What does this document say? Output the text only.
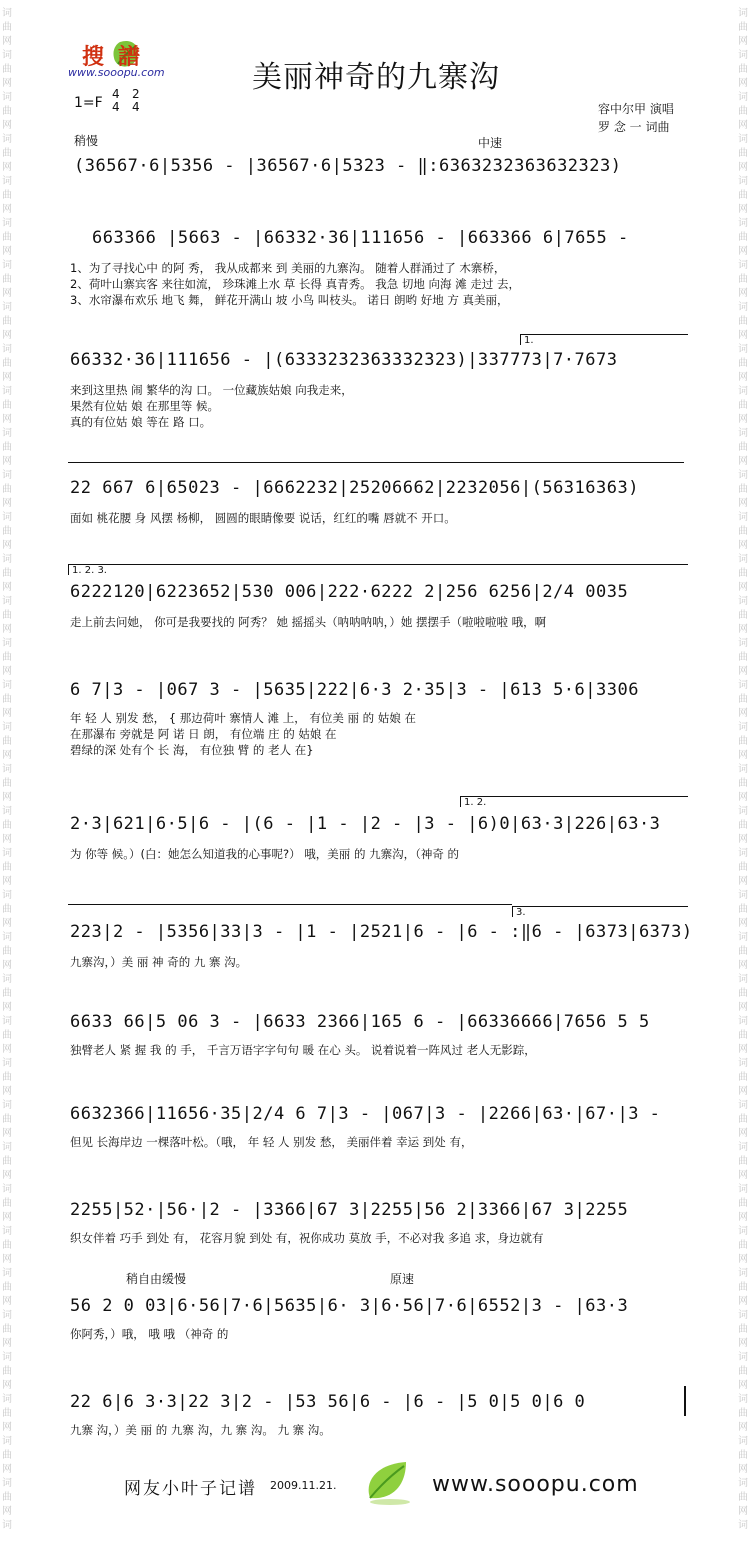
词
曲
网
词
曲
网
词
曲
网
词
曲
网
词
曲
网
词
曲
网
词
曲
网
词
曲
网
词
曲
网
词
曲
网
词
曲
网
词
曲
网
词
曲
网
词
曲
网
词
曲
网
词
曲
网
词
曲
网
词
曲
网
词
曲
网
词
曲
网
词
曲
网
词
曲
网
词
曲
网
词
曲
网
词
曲
网
词
曲
网
词
曲
网
词
曲
网
词
曲
网
词
曲
网
词
曲
网
词
曲
网
词
曲
网
词
曲
网
词
曲
网
词
曲
网
词
词
曲
网
词
曲
网
词
曲
网
词
曲
网
词
曲
网
词
曲
网
词
曲
网
词
曲
网
词
曲
网
词
曲
网
词
曲
网
词
曲
网
词
曲
网
词
曲
网
词
曲
网
词
曲
网
词
曲
网
词
曲
网
词
曲
网
词
曲
网
词
曲
网
词
曲
网
词
曲
网
词
曲
网
词
曲
网
词
曲
网
词
曲
网
词
曲
网
词
曲
网
词
曲
网
词
曲
网
词
曲
网
词
曲
网
词
曲
网
词
曲
网
词
曲
网
词
搜譜
www.sooopu.com	美丽神奇的九寨沟
1=F
4
4
2
4	容中尔甲 演唱
罗 念 一 词曲
稍慢	中速
稍自由缓慢	原速
(36567·6|5356 - |36567·6|5323 - ‖:6363232363632323)
663366 |5663 - |66332·36|111656 - |663366 6|7655 -
1、为了寻找心中 的阿 秀， 我从成都来 到 美丽的九寨沟。 随着人群涌过了 木寨桥，
2、荷叶山寨宾客 来往如流， 珍珠滩上水 草 长得 真青秀。 我急 切地 向海 滩 走过 去，
3、水帘瀑布欢乐 地飞 舞， 鲜花开满山 坡 小鸟 叫枝头。 诺日 朗哟 好地 方 真美丽，
66332·36|111656 - |(6333232363332323)|337773|7·7673
来到这里热 闹 繁华的沟 口。 一位藏族姑娘 向我走来，
果然有位姑 娘 在那里等 候。
真的有位姑 娘 等在 路 口。
22 667 6|65023 - |6662232|25206662|2232056|(56316363)
面如 桃花腰 身 风摆 杨柳， 圆圆的眼睛像要 说话，红红的嘴 唇就不 开口。
6222120|6223652|530 006|222·6222 2|256 6256|2/4 0035
走上前去问她， 你可是我要找的 阿秀？ 她 摇摇头（呐呐呐呐，）她 摆摆手（啦啦啦啦 哦，啊
6 7|3 - |067 3 - |5635|222|6·3 2·35|3 - |613 5·6|3306
年 轻 人 别发 愁， { 那边荷叶 寨情人 滩 上， 有位美 丽 的 姑娘 在
在那瀑布 旁就是 阿 诺 日 朗， 有位端 庄 的 姑娘 在
碧绿的深 处有个 长 海， 有位独 臂 的 老人 在}
2·3|621|6·5|6 - |(6 - |1 - |2 - |3 - |6)0|63·3|226|63·3
为 你等 候。）(白：她怎么知道我的心事呢?） 哦，美丽 的 九寨沟，（神奇 的
223|2 - |5356|33|3 - |1 - |2521|6 - |6 - :‖6 - |6373|6373)
九寨沟，）美 丽 神 奇的 九 寨 沟。
6633 66|5 06 3 - |6633 2366|165 6 - |66336666|7656 5 5
独臂老人 紧 握 我 的 手， 千言万语字字句句 暖 在心 头。 说着说着一阵风过 老人无影踪，
6632366|11656·35|2/4 6 7|3 - |067|3 - |2266|63·|67·|3 -
但见 长海岸边 一棵落叶松。（哦， 年 轻 人 别发 愁， 美丽伴着 幸运 到处 有，
2255|52·|56·|2 - |3366|67 3|2255|56 2|3366|67 3|2255
织女伴着 巧手 到处 有， 花容月貌 到处 有，祝你成功 莫放 手，不必对我 多追 求，身边就有
56 2 0 03|6·56|7·6|5635|6· 3|6·56|7·6|6552|3 - |63·3
你阿秀，）哦， 哦 哦 （神奇 的
22 6|6 3·3|22 3|2 - |53 56|6 - |6 - |5 0|5 0|6 0
九寨 沟，）美 丽 的 九寨 沟，九 寨 沟。 九 寨 沟。
1.
1. 2. 3.
1. 2.
3.
网友小叶子记谱 2009.11.21.	www.sooopu.com
